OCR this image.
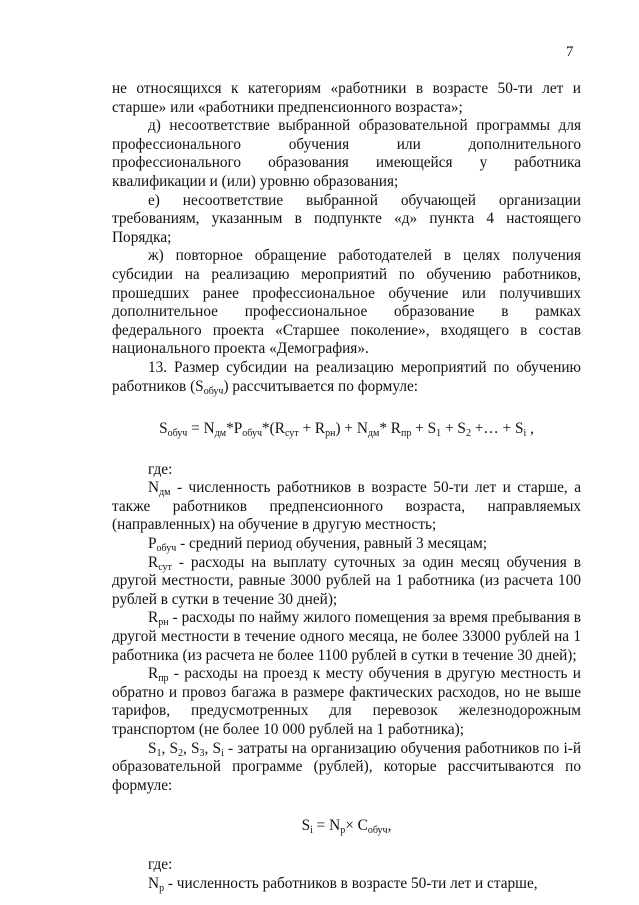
7

не относящихся к категориям «работники в возрасте 50-ти лет и старше» или «работники предпенсионного возраста»;

д) несоответствие выбранной образовательной программы для профессионального обучения или дополнительного профессионального образования имеющейся у работника квалификации и (или) уровню образования;

е) несоответствие выбранной обучающей организации требованиям, указанным в подпункте «д» пункта 4 настоящего Порядка;

ж) повторное обращение работодателей в целях получения субсидии на реализацию мероприятий по обучению работников, прошедших ранее профессиональное обучение или получивших дополнительное профессиональное образование в рамках федерального проекта «Старшее поколение», входящего в состав национального проекта «Демография».

13. Размер субсидии на реализацию мероприятий по обучению работников $(S_{обуч})$ рассчитывается по формуле:

$S_{обуч} = N_{дм}*P_{обуч}*(R_{сут} + R_{рн}) + N_{дм}*$ $R_{пр} + S_1 + S_2$ +… + $S_i$ ,

где:

$N_{дм}$ - численность работников в возрасте 50-ти лет и старше, а также работников предпенсионного возраста, направляемых (направленных) на обучение в другую местность;

$P_{обуч}$ - средний период обучения, равный 3 месяцам;

$R_{сут}$ - расходы на выплату суточных за один месяц обучения в другой местности, равные 3000 рублей на 1 работника (из расчета 100 рублей в сутки в течение 30 дней);

$R_{рн}$ - расходы по найму жилого помещения за время пребывания в другой местности в течение одного месяца, не более 33000 рублей на 1 работника (из расчета не более 1100 рублей в сутки в течение 30 дней);

$R_{пр}$ - расходы на проезд к месту обучения в другую местность и обратно и провоз багажа в размере фактических расходов, но не выше тарифов, предусмотренных для перевозок железнодорожным транспортом (не более 10 000 рублей на 1 работника);

$S_1$, $S_2$, $S_3$, $S_i$ - затраты на организацию обучения работников по i-й образовательной программе (рублей), которые рассчитываются по формуле:

$S_i = N_р\times С_{обуч}$,

где:

$N_р$ - численность работников в возрасте 50-ти лет и старше,
